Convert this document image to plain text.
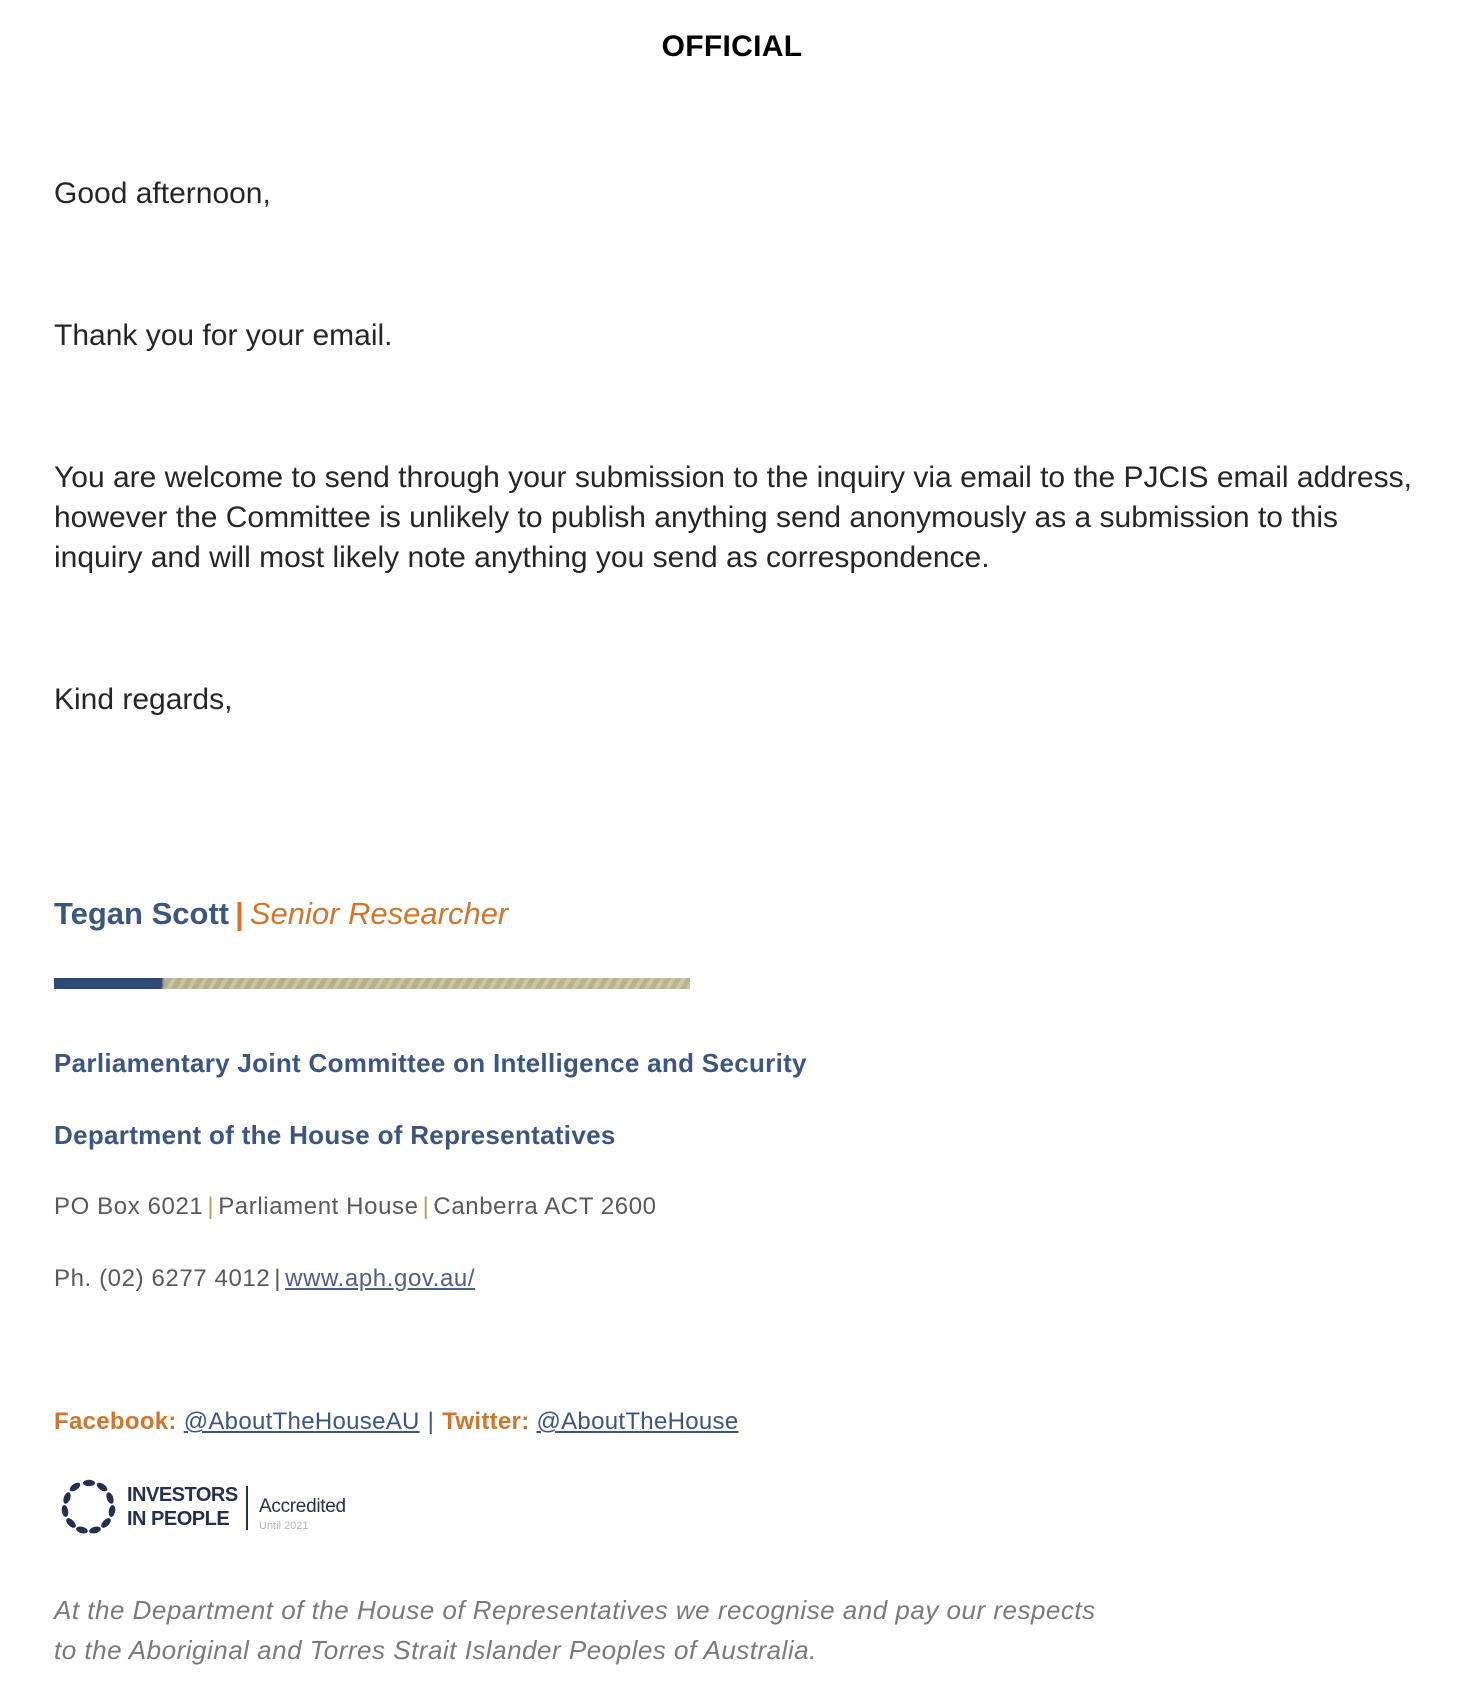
OFFICIAL
Good afternoon,
Thank you for your email.
You are welcome to send through your submission to the inquiry via email to the PJCIS email address, however the Committee is unlikely to publish anything send anonymously as a submission to this inquiry and will most likely note anything you send as correspondence.
Kind regards,
Tegan Scott | Senior Researcher
Parliamentary Joint Committee on Intelligence and Security
Department of the House of Representatives
PO Box 6021 | Parliament House | Canberra ACT 2600
Ph. (02) 6277 4012 | www.aph.gov.au/
Facebook: @AboutTheHouseAU | Twitter: @AboutTheHouse
INVESTORS
IN PEOPLE
Accredited
Until 2021
At the Department of the House of Representatives we recognise and pay our respects
to the Aboriginal and Torres Strait Islander Peoples of Australia.
